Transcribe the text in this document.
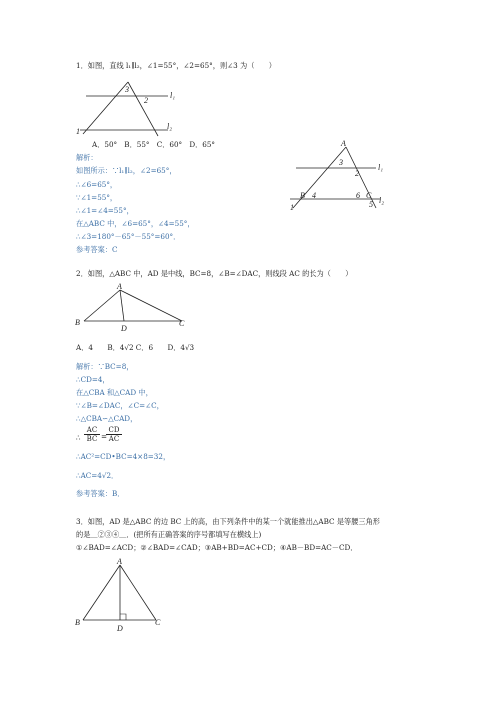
1．如图，直线 l₁∥l₂，∠1=55°，∠2=65°，则∠3 为（　　）
3
2
1
l₁
l₂
A．50°　B．55°　C．60°　D．65°
解析：
如图所示：∵l₁∥l₂，∠2=65°，
∴∠6=65°，
∵∠1=55°，
∴∠1=∠4=55°，
在△ABC 中，∠6=65°，∠4=55°，
∴∠3=180°－65°－55°=60°．
参考答案：C
A
3
2
l₁
B 4	6 C
l₂
1	5
2．如图，△ABC 中，AD 是中线，BC=8，∠B=∠DAC，则线段 AC 的长为（　　）
A
B
D
C
A．4　　B．4√2 C．6　　D．4√3
解析：∵BC=8，
∴CD=4，
在△CBA 和△CAD 中，
∵∠B=∠DAC，∠C=∠C，
∴△CBA∽△CAD，
∴ $\frac{AC}{BC}$ =
$\frac{CD}{AC}$
∴AC²=CD•BC=4×8=32，
∴AC=4√2．
参考答案：B．
3．如图，AD 是△ABC 的边 BC 上的高，由下列条件中的某一个就能推出△ABC 是等腰三角形
的是＿②③④＿．(把所有正确答案的序号都填写在横线上)
①∠BAD=∠ACD；②∠BAD=∠CAD；③AB+BD=AC+CD；④AB－BD=AC－CD．
A
B
D
C
